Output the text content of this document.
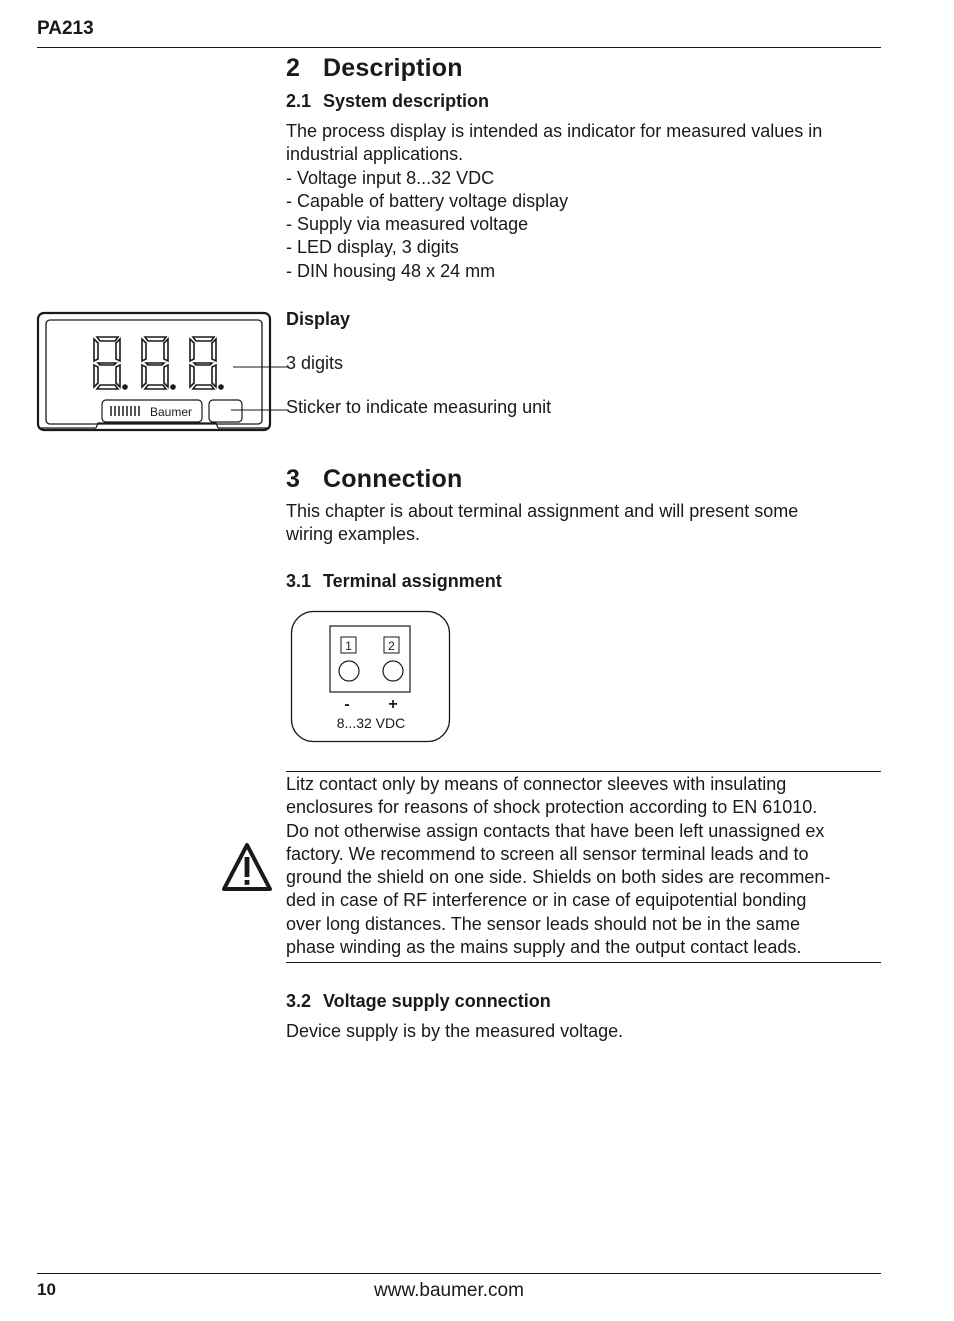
PA213
2 Description
2.1 System description
The process display is intended as indicator for measured values in
industrial applications.
- Voltage input 8...32 VDC
- Capable of battery voltage display
- Supply via measured voltage
- LED display, 3 digits
- DIN housing 48 x 24 mm
Baumer
Display
3 digits
Sticker to indicate measuring unit
3 Connection
This chapter is about terminal assignment and will present some
wiring examples.
3.1 Terminal assignment
1	2
- +
8...32 VDC
Litz contact only by means of connector sleeves with insulating
enclosures for reasons of shock protection according to EN 61010.
Do not otherwise assign contacts that have been left unassigned ex
factory. We recommend to screen all sensor terminal leads and to
ground the shield on one side. Shields on both sides are recommen-
ded in case of RF interference or in case of equipotential bonding
over long distances. The sensor leads should not be in the same
phase winding as the mains supply and the output contact leads.
3.2 Voltage supply connection
Device supply is by the measured voltage.
10	www.baumer.com
